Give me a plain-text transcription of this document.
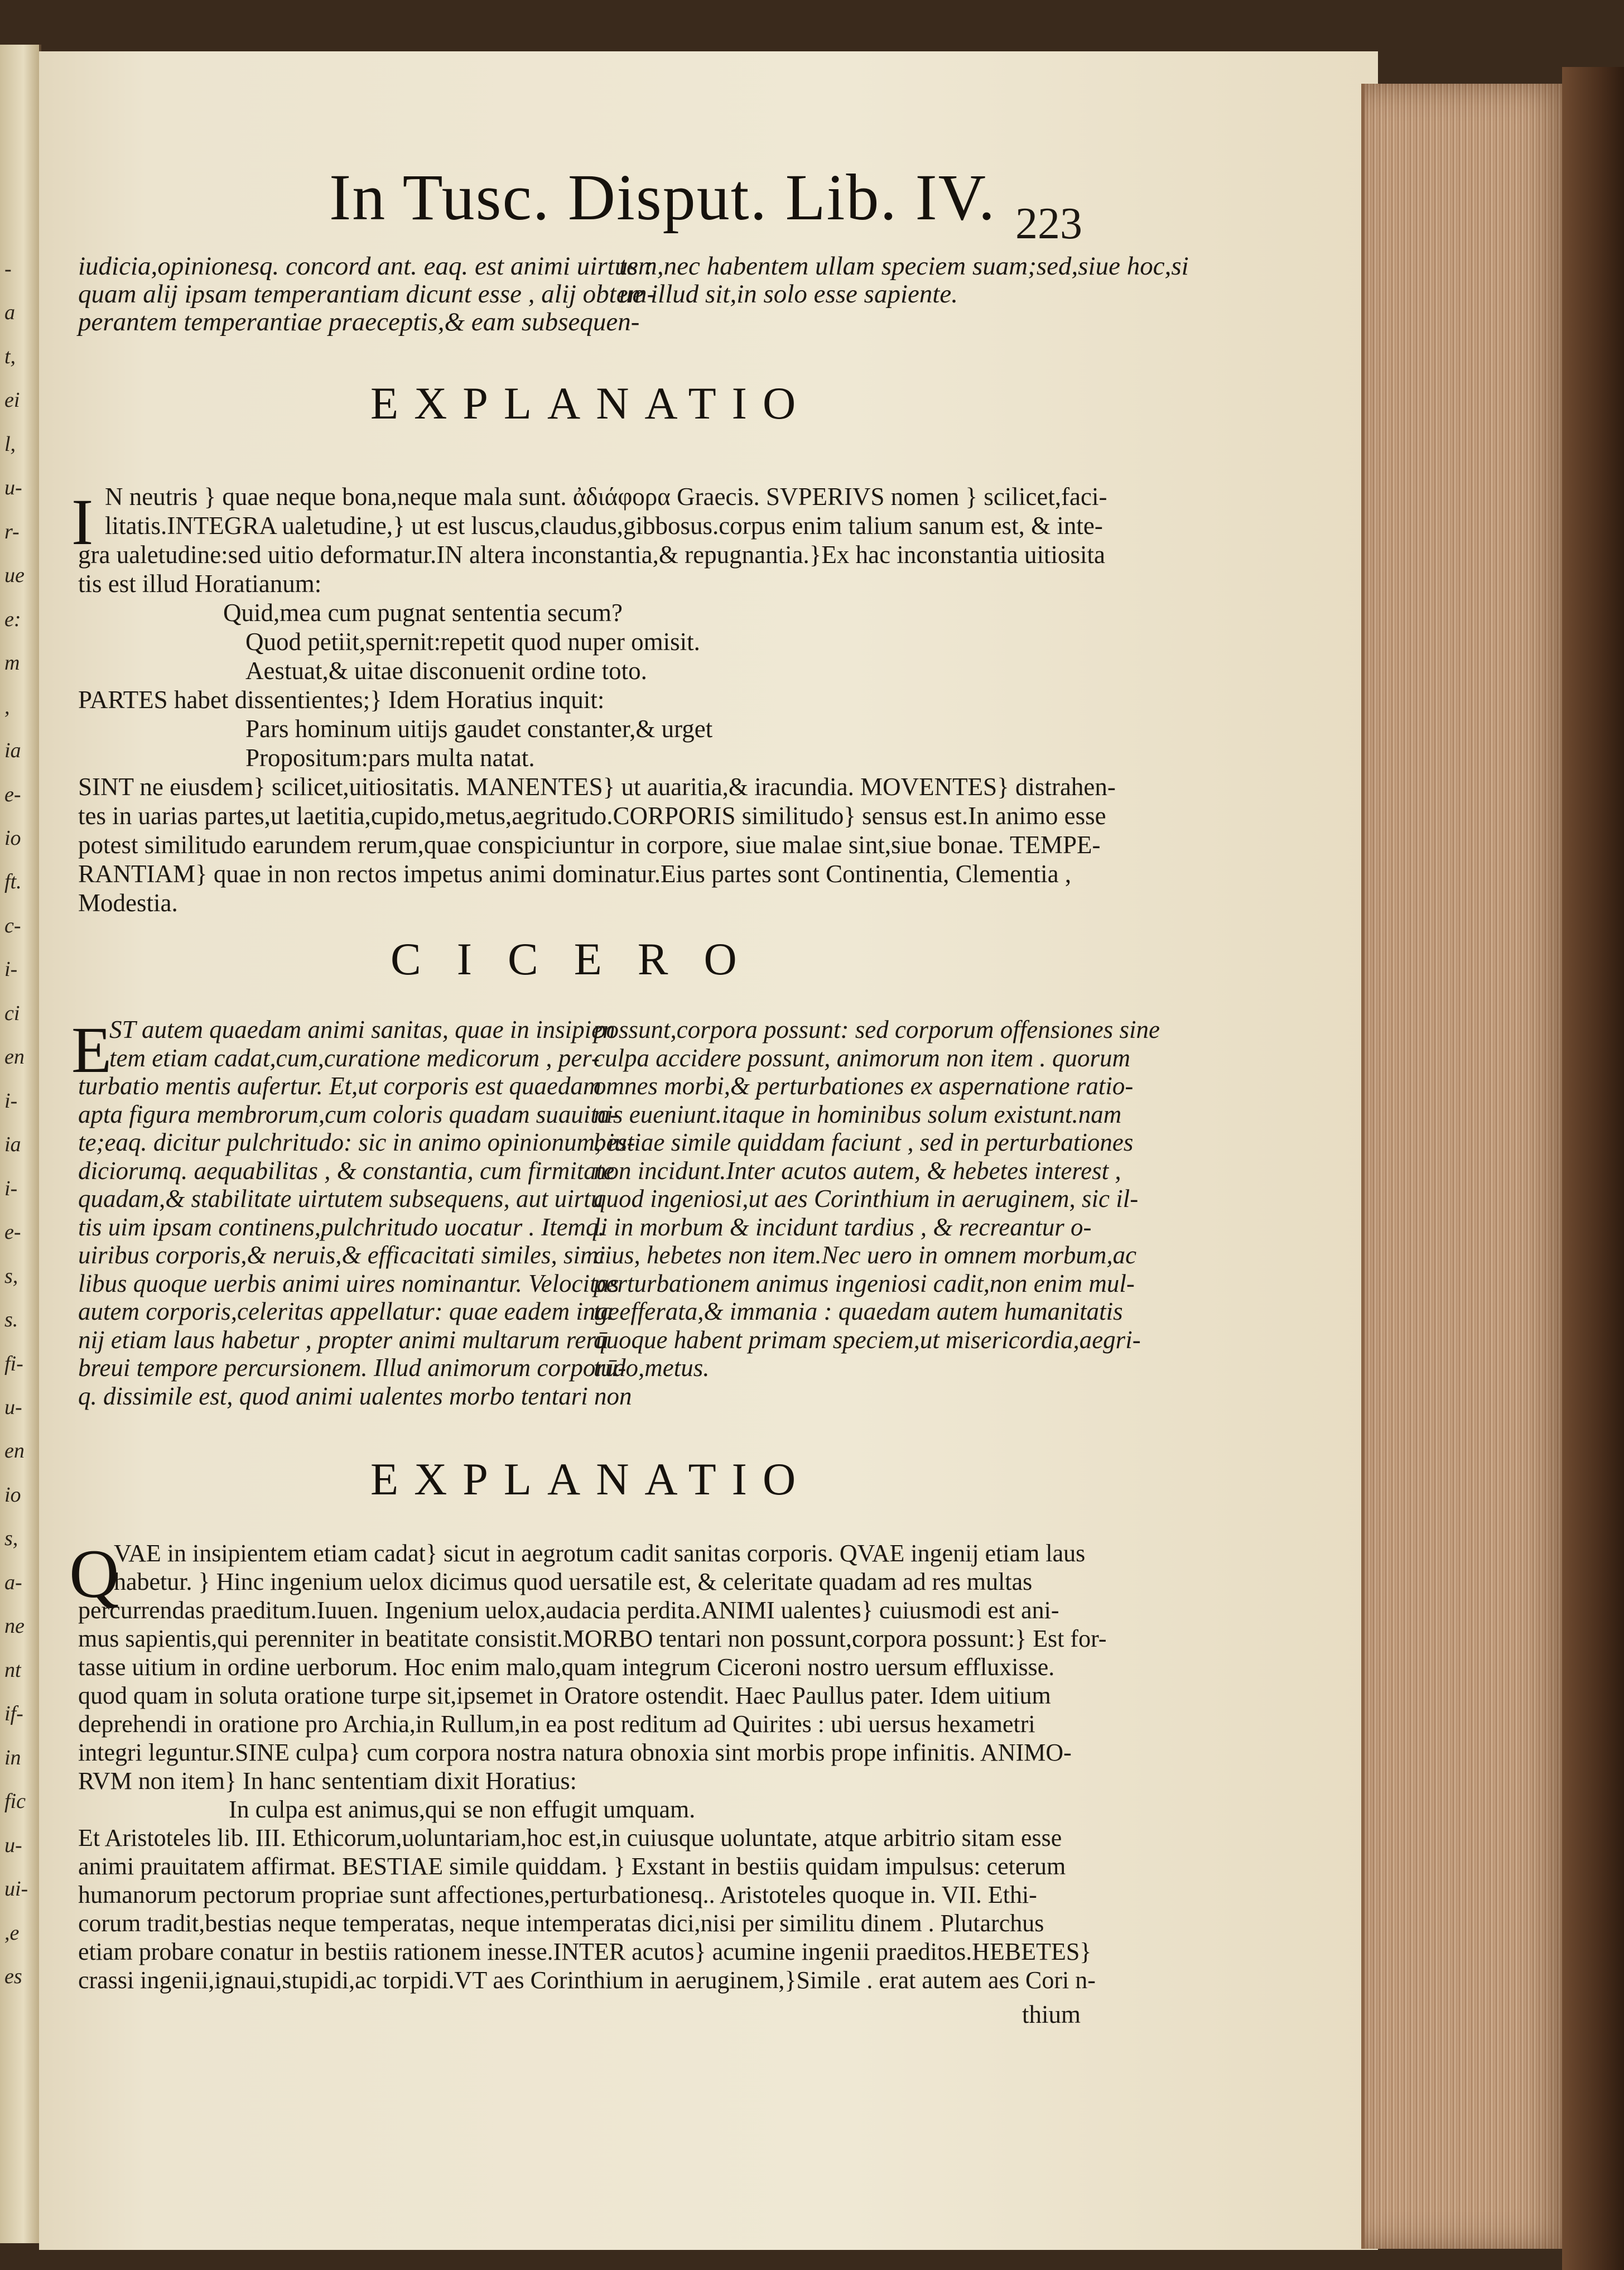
-
a
t,
ei
l,
u-
r-
ue
e:
m
,
ia
e-
io
ft.
c-
i-
ci
en
i-
ia
i-
e-
s,
s.
fi-
u-
en
io
s,
a-
ne
nt
if-
in
fic
u-
ui-
,e
es
In Tusc. Disput. Lib. IV. 223
iudicia,opinionesq. concord ant. eaq. est animi uirtus :
quam alij ipsam temperantiam dicunt esse , alij obtem-
perantem temperantiae praeceptis,& eam subsequen-
tem,nec habentem ullam speciem suam;sed,siue hoc,si
ue illud sit,in solo esse sapiente.
EXPLANATIO
I N neutris } quae neque bona,neque mala sunt. ἀδιάφορα Graecis. SVPERIVS nomen } scilicet,faci-
litatis.INTEGRA ualetudine,} ut est luscus,claudus,gibbosus.corpus enim talium sanum est, & inte-
gra ualetudine:sed uitio deformatur.IN altera inconstantia,& repugnantia.}Ex hac inconstantia uitiosita
tis est illud Horatianum:
Quid,mea cum pugnat sententia secum?
Quod petiit,spernit:repetit quod nuper omisit.
Aestuat,& uitae disconuenit ordine toto.
PARTES habet dissentientes;} Idem Horatius inquit:
Pars hominum uitijs gaudet constanter,& urget
Propositum:pars multa natat.
SINT ne eiusdem} scilicet,uitiositatis. MANENTES} ut auaritia,& iracundia. MOVENTES} distrahen-
tes in uarias partes,ut laetitia,cupido,metus,aegritudo.CORPORIS similitudo} sensus est.In animo esse
potest similitudo earundem rerum,quae conspiciuntur in corpore, siue malae sint,siue bonae. TEMPE-
RANTIAM} quae in non rectos impetus animi dominatur.Eius partes sont Continentia, Clementia ,
Modestia.
CICERO
E
ST autem quaedam animi sanitas, quae in insipien
tem etiam cadat,cum,curatione medicorum , per-
turbatio mentis aufertur. Et,ut corporis est quaedam
apta figura membrorum,cum coloris quadam suauita-
te;eaq. dicitur pulchritudo: sic in animo opinionum, iu-
diciorumq. aequabilitas , & constantia, cum firmitate
quadam,& stabilitate uirtutem subsequens, aut uirtu
tis uim ipsam continens,pulchritudo uocatur . Itemq.
uiribus corporis,& neruis,& efficacitati similes, simi
libus quoque uerbis animi uires nominantur. Velocitas
autem corporis,celeritas appellatur: quae eadem inge
nij etiam laus habetur , propter animi multarum rerū
breui tempore percursionem. Illud animorum corporū-
q. dissimile est, quod animi ualentes morbo tentari non
possunt,corpora possunt: sed corporum offensiones sine
culpa accidere possunt, animorum non item . quorum
omnes morbi,& perturbationes ex aspernatione ratio-
nis eueniunt.itaque in hominibus solum existunt.nam
bestiae simile quiddam faciunt , sed in perturbationes
non incidunt.Inter acutos autem, & hebetes interest ,
quod ingeniosi,ut aes Corinthium in aeruginem, sic il-
li in morbum & incidunt tardius , & recreantur o-
cius, hebetes non item.Nec uero in omnem morbum,ac
perturbationem animus ingeniosi cadit,non enim mul-
ta efferata,& immania : quaedam autem humanitatis
quoque habent primam speciem,ut misericordia,aegri-
tudo,metus.
EXPLANATIO
Q
VAE in insipientem etiam cadat} sicut in aegrotum cadit sanitas corporis. QVAE ingenij etiam laus
habetur. } Hinc ingenium uelox dicimus quod uersatile est, & celeritate quadam ad res multas
percurrendas praeditum.Iuuen. Ingenium uelox,audacia perdita.ANIMI ualentes} cuiusmodi est ani-
mus sapientis,qui perenniter in beatitate consistit.MORBO tentari non possunt,corpora possunt:} Est for-
tasse uitium in ordine uerborum. Hoc enim malo,quam integrum Ciceroni nostro uersum effluxisse.
quod quam in soluta oratione turpe sit,ipsemet in Oratore ostendit. Haec Paullus pater. Idem uitium
deprehendi in oratione pro Archia,in Rullum,in ea post reditum ad Quirites : ubi uersus hexametri
integri leguntur.SINE culpa} cum corpora nostra natura obnoxia sint morbis prope infinitis. ANIMO-
RVM non item} In hanc sententiam dixit Horatius:
In culpa est animus,qui se non effugit umquam.
Et Aristoteles lib. III. Ethicorum,uoluntariam,hoc est,in cuiusque uoluntate, atque arbitrio sitam esse
animi prauitatem affirmat. BESTIAE simile quiddam. } Exstant in bestiis quidam impulsus: ceterum
humanorum pectorum propriae sunt affectiones,perturbationesq.. Aristoteles quoque in. VII. Ethi-
corum tradit,bestias neque temperatas, neque intemperatas dici,nisi per similitu dinem . Plutarchus
etiam probare conatur in bestiis rationem inesse.INTER acutos} acumine ingenii praeditos.HEBETES}
crassi ingenii,ignaui,stupidi,ac torpidi.VT aes Corinthium in aeruginem,}Simile . erat autem aes Cori n-
thium
